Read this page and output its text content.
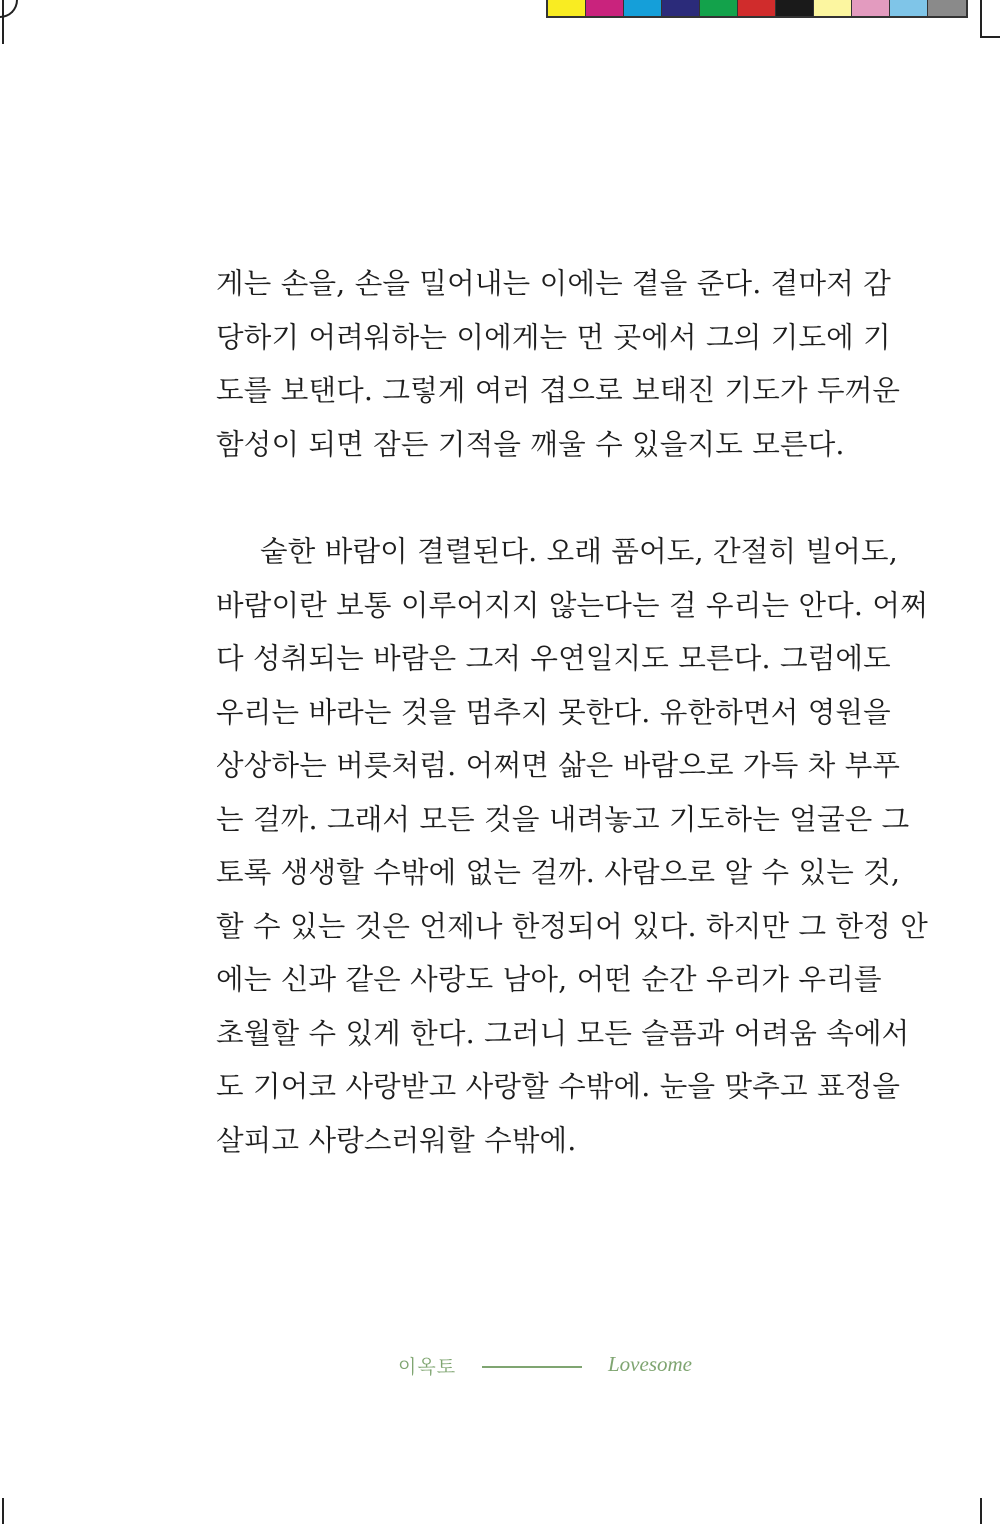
게는 손을, 손을 밀어내는 이에는 곁을 준다. 곁마저 감
당하기 어려워하는 이에게는 먼 곳에서 그의 기도에 기
도를 보탠다. 그렇게 여러 겹으로 보태진 기도가 두꺼운
함성이 되면 잠든 기적을 깨울 수 있을지도 모른다.
숱한 바람이 결렬된다. 오래 품어도, 간절히 빌어도,
바람이란 보통 이루어지지 않는다는 걸 우리는 안다. 어쩌
다 성취되는 바람은 그저 우연일지도 모른다. 그럼에도
우리는 바라는 것을 멈추지 못한다. 유한하면서 영원을
상상하는 버릇처럼. 어쩌면 삶은 바람으로 가득 차 부푸
는 걸까. 그래서 모든 것을 내려놓고 기도하는 얼굴은 그
토록 생생할 수밖에 없는 걸까. 사람으로 알 수 있는 것,
할 수 있는 것은 언제나 한정되어 있다. 하지만 그 한정 안
에는 신과 같은 사랑도 남아, 어떤 순간 우리가 우리를
초월할 수 있게 한다. 그러니 모든 슬픔과 어려움 속에서
도 기어코 사랑받고 사랑할 수밖에. 눈을 맞추고 표정을
살피고 사랑스러워할 수밖에.
이옥토	Lovesome
